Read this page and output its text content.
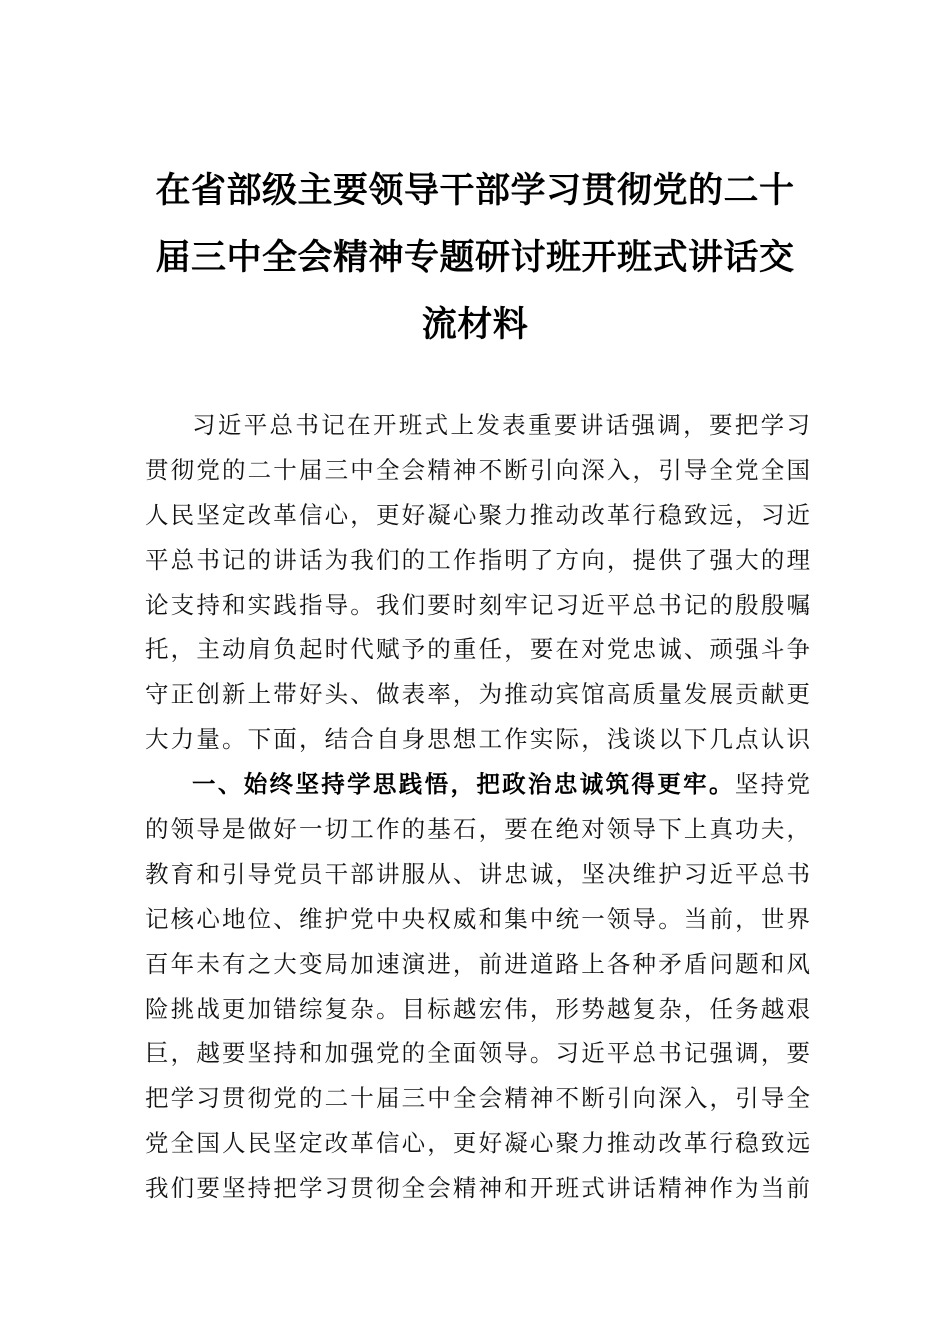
在省部级主要领导干部学习贯彻党的二十
届三中全会精神专题研讨班开班式讲话交
流材料
习近平总书记在开班式上发表重要讲话强调，要把学习
贯彻党的二十届三中全会精神不断引向深入，引导全党全国
人民坚定改革信心，更好凝心聚力推动改革行稳致远，习近
平总书记的讲话为我们的工作指明了方向，提供了强大的理
论支持和实践指导。我们要时刻牢记习近平总书记的殷殷嘱
托，主动肩负起时代赋予的重任，要在对党忠诚、顽强斗争
守正创新上带好头、做表率，为推动宾馆高质量发展贡献更
大力量。下面，结合自身思想工作实际，浅谈以下几点认识
一、始终坚持学思践悟，把政治忠诚筑得更牢。坚持党
的领导是做好一切工作的基石，要在绝对领导下上真功夫，
教育和引导党员干部讲服从、讲忠诚，坚决维护习近平总书
记核心地位、维护党中央权威和集中统一领导。当前，世界
百年未有之大变局加速演进，前进道路上各种矛盾问题和风
险挑战更加错综复杂。目标越宏伟，形势越复杂，任务越艰
巨，越要坚持和加强党的全面领导。习近平总书记强调，要
把学习贯彻党的二十届三中全会精神不断引向深入，引导全
党全国人民坚定改革信心，更好凝心聚力推动改革行稳致远
我们要坚持把学习贯彻全会精神和开班式讲话精神作为当前
